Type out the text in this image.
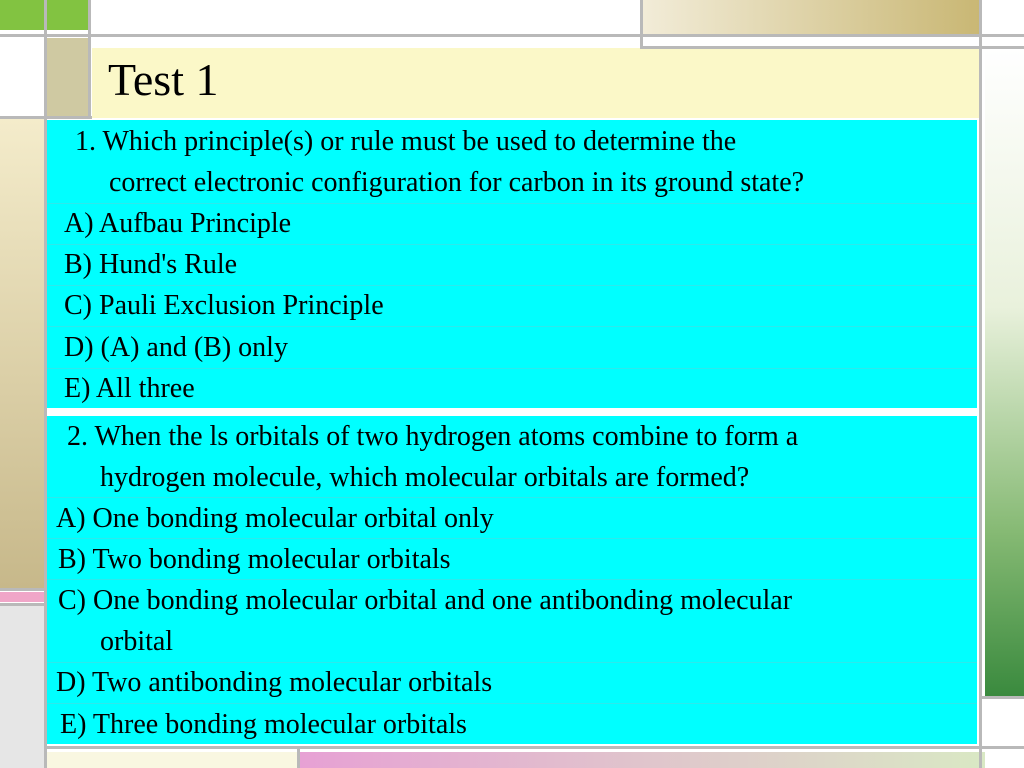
Test 1
1. Which principle(s) or rule must be used to determine the
correct electronic configuration for carbon in its ground state?
A) Aufbau Principle
B) Hund's Rule
C) Pauli Exclusion Principle
D) (A) and (B) only
E) All three
2. When the ls orbitals of two hydrogen atoms combine to form a
hydrogen molecule, which molecular orbitals are formed?
A) One bonding molecular orbital only
B) Two bonding molecular orbitals
C) One bonding molecular orbital and one antibonding molecular
orbital
D) Two antibonding molecular orbitals
E) Three bonding molecular orbitals
